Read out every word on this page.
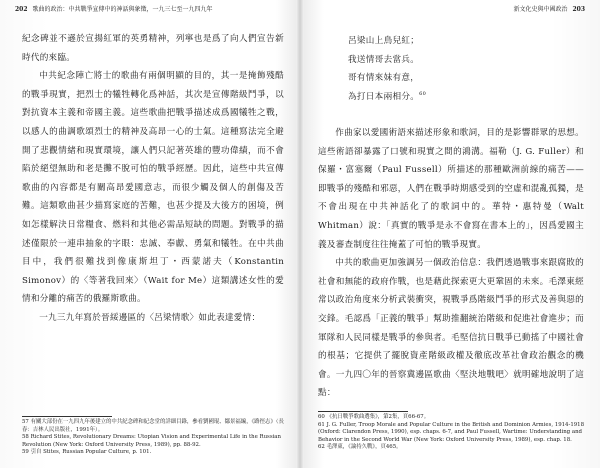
202 歌曲的政治：中共戰爭宣傳中的神話與象徵，一九三七至一九四九年

紀念碑並不遜於宣揚紅軍的英勇精神，列寧也是爲了向人們宣告新時代的來臨。

中共紀念陣亡將士的歌曲有兩個明顯的目的，其一是掩飾殘酷的戰爭現實，把烈士的犧牲轉化爲神話，其次是宣傳階級鬥爭，以對抗資本主義和帝國主義。這些歌曲把戰爭描述成爲國犧牲之戰，以感人的曲調歌頌烈士的精神及高昂一心的士氣。這種寫法完全避開了悲觀情緒和現實環境，讓人們只記著英雄的豐功偉績，而不會陷於絕望無助和老是攤不脫可怕的戰爭經歷。因此，這些中共宣傳歌曲的內容都是有關高昂愛國意志，而很少觸及個人的創傷及苦難。這類歌曲甚少描寫家庭的苦難，也甚少提及大後方的困境，例如怎樣解決日常糧食、燃料和其他必需品短缺的問題。對戰爭的描述僅限於一連串抽象的字眼：忠誠、奉獻、勇氣和犧牲。在中共曲目中，我們很難找到像康斯坦丁・西蒙諾夫（Konstantin Simonov）的〈等著我回來〉（Wait for Me）這類講述女性的愛情和分離的痛苦的俄羅斯歌曲。

一九三九年寫於晉綏邊區的〈呂梁情歌〉如此表達愛情：

57 有關大部份在一九四九年後建立的中共紀念碑和紀念堂的詳細目錄，參看劉國琨、鄒景福編，《路徑志》（長春：吉林人民出版社，1991年）。
58 Richard Stites, Revolutionary Dreams: Utopian Vision and Experimental Life in the Russian Revolution (New York: Oxford University Press, 1989), pp. 88-92.
59 引自 Stites, Russian Popular Culture, p. 101.
新文化史與中國政治 203
呂梁山上鳥兒紅；
我送情哥去當兵。
哥有情來妹有意，
為打日本兩相分。$^{60}$

作曲家以愛國術語來描述形象和歌詞，目的是影響群眾的思想。這些術語卻暴露了口號和現實之間的鴻溝。福勒（J. G. Fuller）和保羅・富塞爾（Paul Fussell）所描述的那種歐洲前線的痛苦——即戰爭的殘酷和邪惡，人們在戰爭時期感受到的空虛和混亂孤獨，是不會出現在中共神話化了的歌詞中的。華特・惠特曼（Walt Whitman）說：「真實的戰爭是永不會寫在書本上的」，因爲愛國主義及審查制度往往掩蓋了可怕的戰爭現實。

中共的歌曲更加強調另一個政治信息：我們透過戰事來跟腐敗的社會和無能的政府作戰，也是藉此探索更大更鞏固的未來。毛澤東經常以政治角度來分析武裝衝突，視戰爭爲階級鬥爭的形式及善與惡的交鋒。毛認爲「正義的戰爭」幫助推翻統治階級和促進社會進步；而軍隊和人民同樣是戰爭的參與者。毛堅信抗日戰爭已動搖了中國社會的根基；它提供了擺脫資產階級政權及徹底改革社會政治觀念的機會。一九四〇年的晉察冀邊區歌曲〈堅決地戰吧〉就明確地說明了這點：

60 《抗日戰爭歌曲選集》，第2集，頁66-67。
61 J. G. Fuller, Troop Morale and Popular Culture in the British and Dominion Armies, 1914-1918 (Oxford: Clarendon Press, 1990), esp. chaps. 6-7, and Paul Fussell, Wartime: Understanding and Behavior in the Second World War (New York: Oxford University Press, 1989), esp. chap. 18.
62 毛澤東，《論持久戰》，頁465。
